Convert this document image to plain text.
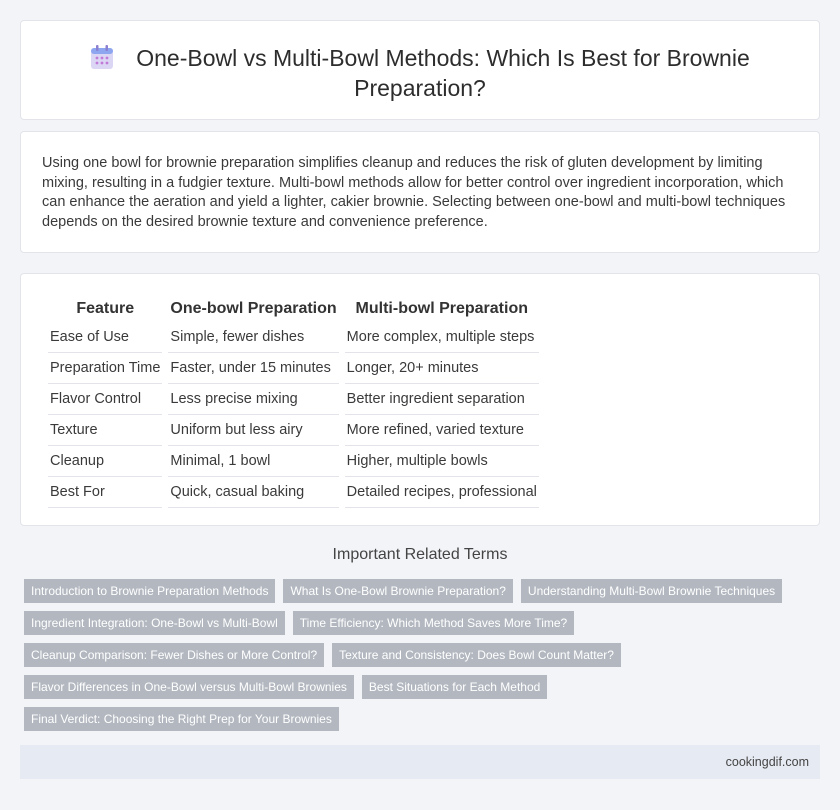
One-Bowl vs Multi-Bowl Methods: Which Is Best for Brownie Preparation?

Using one bowl for brownie preparation simplifies cleanup and reduces the risk of gluten development by limiting mixing, resulting in a fudgier texture. Multi-bowl methods allow for better control over ingredient incorporation, which can enhance the aeration and yield a lighter, cakier brownie. Selecting between one-bowl and multi-bowl techniques depends on the desired brownie texture and convenience preference.

Feature	One-bowl Preparation	Multi-bowl Preparation
Ease of Use	Simple, fewer dishes	More complex, multiple steps
Preparation Time	Faster, under 15 minutes	Longer, 20+ minutes
Flavor Control	Less precise mixing	Better ingredient separation
Texture	Uniform but less airy	More refined, varied texture
Cleanup	Minimal, 1 bowl	Higher, multiple bowls
Best For	Quick, casual baking	Detailed recipes, professional
Important Related Terms
Introduction to Brownie Preparation Methods	What Is One-Bowl Brownie Preparation?	Understanding Multi-Bowl Brownie Techniques
Ingredient Integration: One-Bowl vs Multi-Bowl	Time Efficiency: Which Method Saves More Time?
Cleanup Comparison: Fewer Dishes or More Control?	Texture and Consistency: Does Bowl Count Matter?
Flavor Differences in One-Bowl versus Multi-Bowl Brownies	Best Situations for Each Method
Final Verdict: Choosing the Right Prep for Your Brownies
cookingdif.com
